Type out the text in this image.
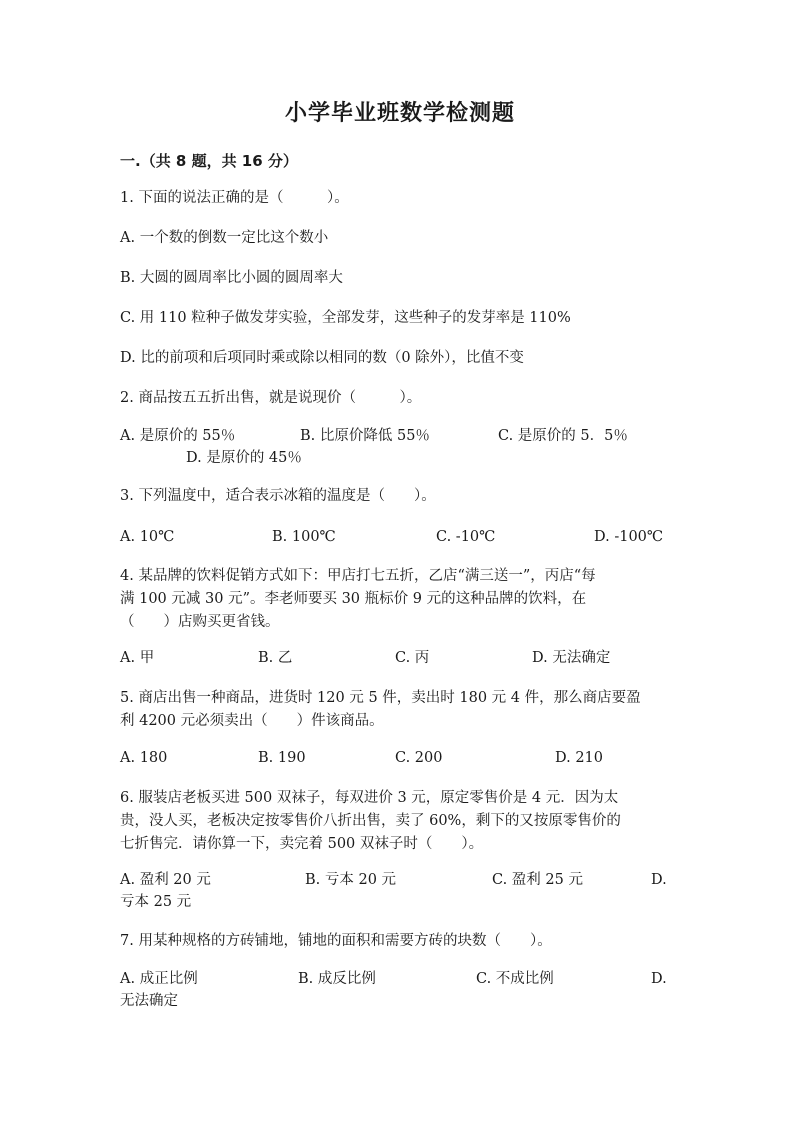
小学毕业班数学检测题
一.（共 8 题，共 16 分）
1. 下面的说法正确的是（　　　）。
A. 一个数的倒数一定比这个数小
B. 大圆的圆周率比小圆的圆周率大
C. 用 110 粒种子做发芽实验，全部发芽，这些种子的发芽率是 110%
D. 比的前项和后项同时乘或除以相同的数（0 除外），比值不变
2. 商品按五五折出售，就是说现价（　　　）。
A. 是原价的 55％	B. 比原价降低 55％	C. 是原价的 5．5％
D. 是原价的 45％
3. 下列温度中，适合表示冰箱的温度是（　　）。
A. 10℃	B. 100℃	C. -10℃	D. -100℃
4. 某品牌的饮料促销方式如下：甲店打七五折，乙店“满三送一”，丙店“每
满 100 元减 30 元”。李老师要买 30 瓶标价 9 元的这种品牌的饮料，在
（　　）店购买更省钱。
A. 甲	B. 乙	C. 丙	D. 无法确定
5. 商店出售一种商品，进货时 120 元 5 件，卖出时 180 元 4 件，那么商店要盈
利 4200 元必须卖出（　　）件该商品。
A. 180	B. 190	C. 200	D. 210
6. 服装店老板买进 500 双袜子，每双进价 3 元，原定零售价是 4 元．因为太
贵，没人买，老板决定按零售价八折出售，卖了 60%，剩下的又按原零售价的
七折售完．请你算一下，卖完着 500 双袜子时（　　）。
A. 盈利 20 元	B. 亏本 20 元	C. 盈利 25 元	D.
亏本 25 元
7. 用某种规格的方砖铺地，铺地的面积和需要方砖的块数（　　）。
A. 成正比例	B. 成反比例	C. 不成比例	D.
无法确定
